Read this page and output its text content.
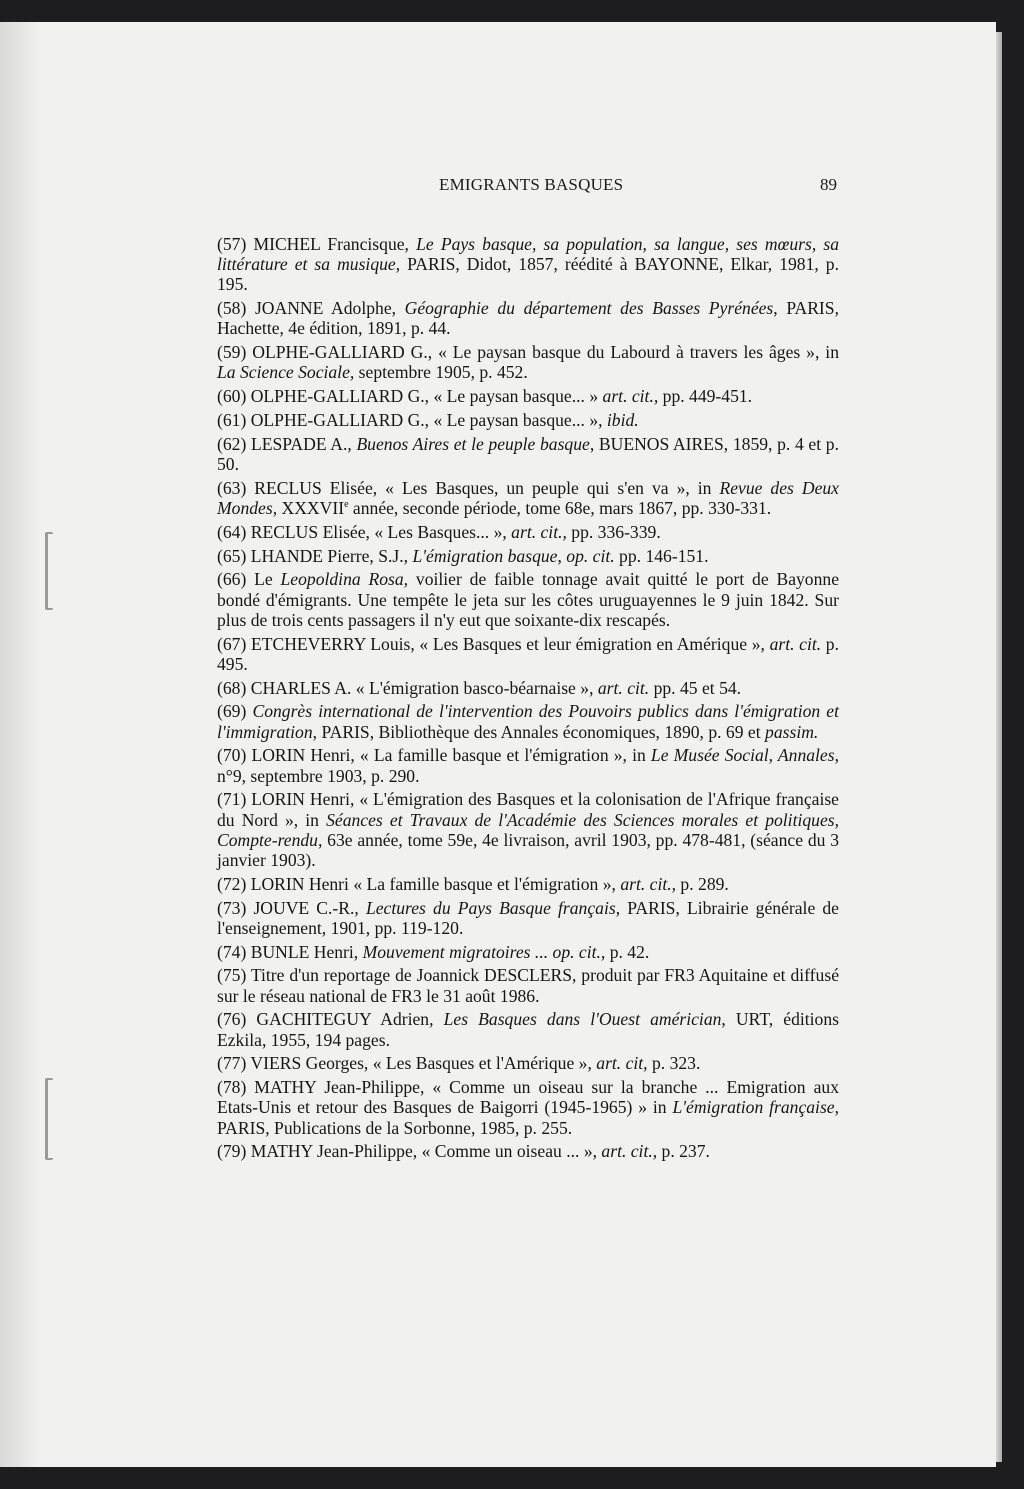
EMIGRANTS BASQUES	89

(57) MICHEL Francisque, Le Pays basque, sa population, sa langue, ses mœurs, sa littérature et sa musique, PARIS, Didot, 1857, réédité à BAYONNE, Elkar, 1981, p. 195.

(58) JOANNE Adolphe, Géographie du département des Basses Pyrénées, PARIS, Hachette, 4e édition, 1891, p. 44.

(59) OLPHE-GALLIARD G., « Le paysan basque du Labourd à travers les âges », in La Science Sociale, septembre 1905, p. 452.

(60) OLPHE-GALLIARD G., « Le paysan basque... » art. cit., pp. 449-451.

(61) OLPHE-GALLIARD G., « Le paysan basque... », ibid.

(62) LESPADE A., Buenos Aires et le peuple basque, BUENOS AIRES, 1859, p. 4 et p. 50.

(63) RECLUS Elisée, « Les Basques, un peuple qui s'en va », in Revue des Deux Mondes, XXXVIIe année, seconde période, tome 68e, mars 1867, pp. 330-331.

(64) RECLUS Elisée, « Les Basques... », art. cit., pp. 336-339.

(65) LHANDE Pierre, S.J., L'émigration basque, op. cit. pp. 146-151.

(66) Le Leopoldina Rosa, voilier de faible tonnage avait quitté le port de Bayonne bondé d'émigrants. Une tempête le jeta sur les côtes uruguayennes le 9 juin 1842. Sur plus de trois cents passagers il n'y eut que soixante-dix rescapés.

(67) ETCHEVERRY Louis, « Les Basques et leur émigration en Amérique », art. cit. p. 495.

(68) CHARLES A. « L'émigration basco-béarnaise », art. cit. pp. 45 et 54.

(69) Congrès international de l'intervention des Pouvoirs publics dans l'émigration et l'immigration, PARIS, Bibliothèque des Annales économiques, 1890, p. 69 et passim.

(70) LORIN Henri, « La famille basque et l'émigration », in Le Musée Social, Annales, n°9, septembre 1903, p. 290.

(71) LORIN Henri, « L'émigration des Basques et la colonisation de l'Afrique française du Nord », in Séances et Travaux de l'Académie des Sciences morales et politiques, Compte-rendu, 63e année, tome 59e, 4e livraison, avril 1903, pp. 478-481, (séance du 3 janvier 1903).

(72) LORIN Henri « La famille basque et l'émigration », art. cit., p. 289.

(73) JOUVE C.-R., Lectures du Pays Basque français, PARIS, Librairie générale de l'enseignement, 1901, pp. 119-120.

(74) BUNLE Henri, Mouvement migratoires ... op. cit., p. 42.

(75) Titre d'un reportage de Joannick DESCLERS, produit par FR3 Aquitaine et diffusé sur le réseau national de FR3 le 31 août 1986.

(76) GACHITEGUY Adrien, Les Basques dans l'Ouest américian, URT, éditions Ezkila, 1955, 194 pages.

(77) VIERS Georges, « Les Basques et l'Amérique », art. cit, p. 323.

(78) MATHY Jean-Philippe, « Comme un oiseau sur la branche ... Emigration aux Etats-Unis et retour des Basques de Baigorri (1945-1965) » in L'émigration française, PARIS, Publications de la Sorbonne, 1985, p. 255.

(79) MATHY Jean-Philippe, « Comme un oiseau ... », art. cit., p. 237.
